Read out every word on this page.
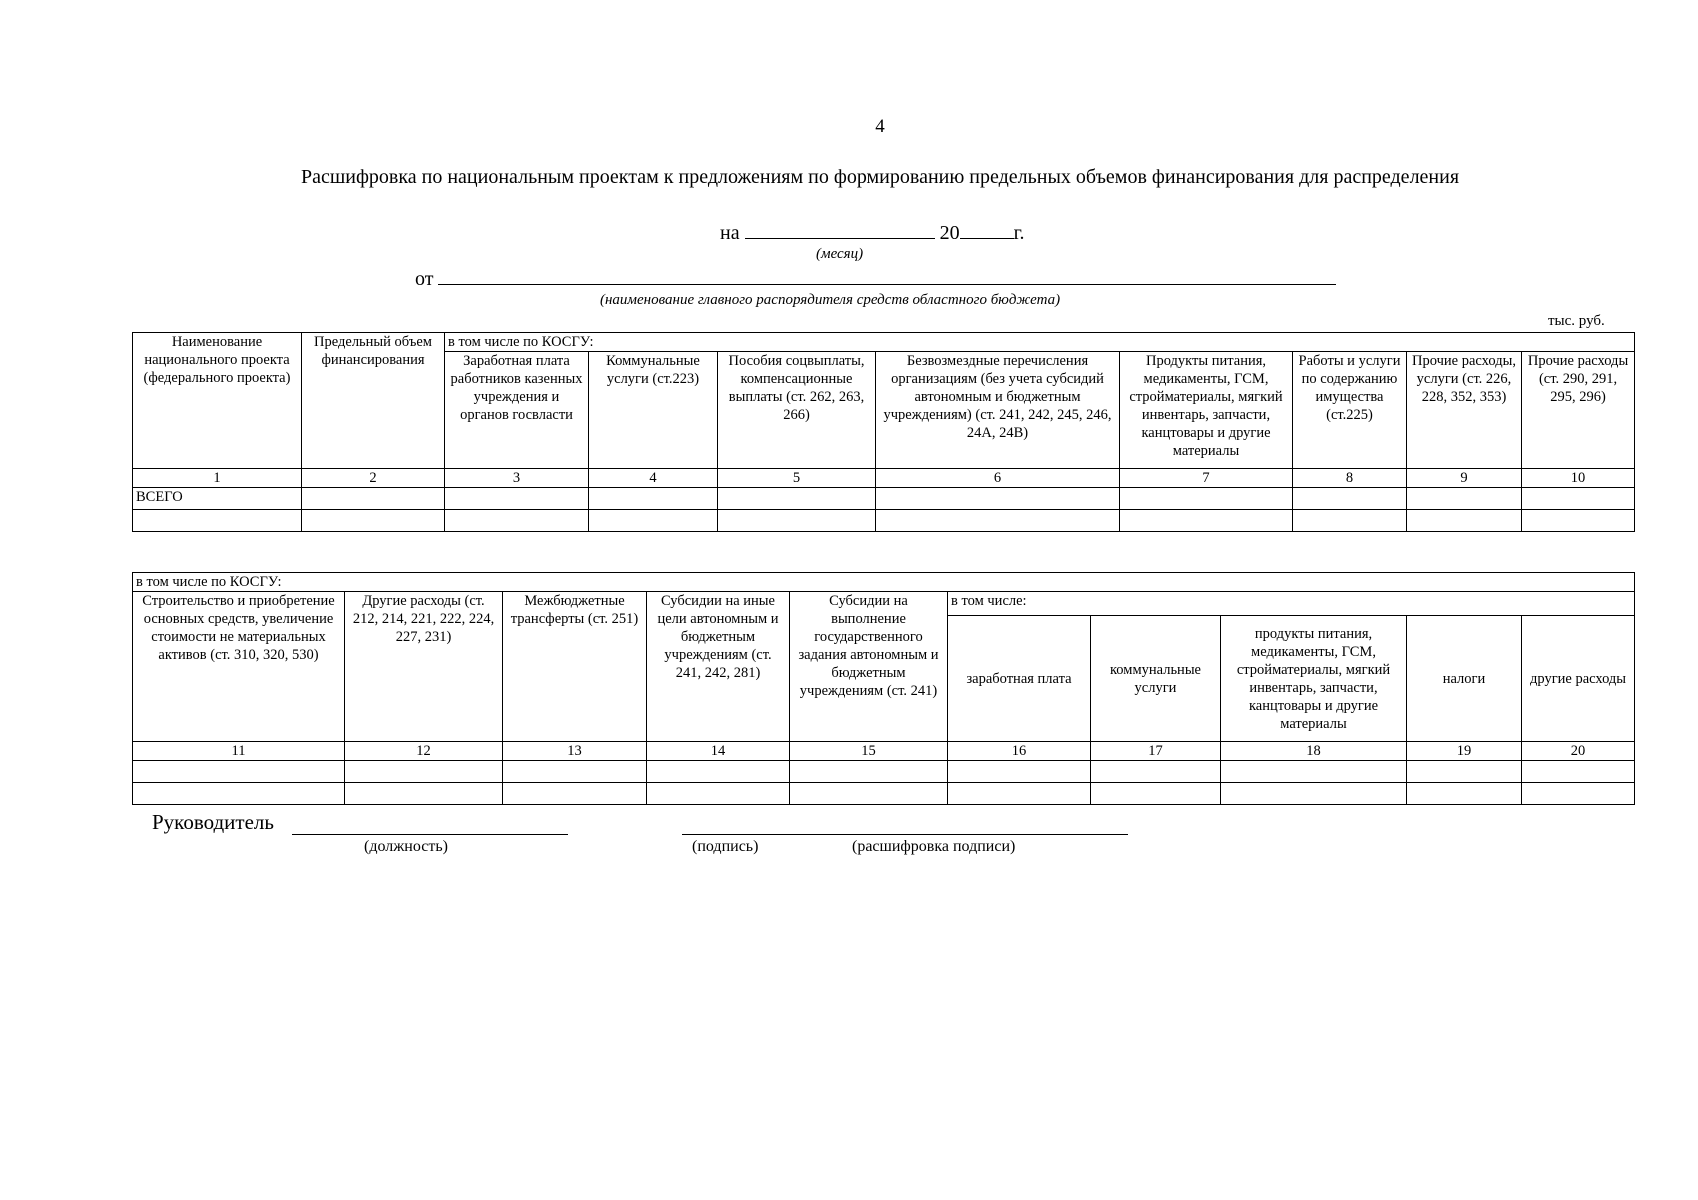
4
Расшифровка по национальным проектам к предложениям по формированию предельных объемов финансирования для распределения
на	20	г.
(месяц)
от
(наименование главного распорядителя средств областного бюджета)
тыс. руб.
Наименование национального проекта (федерального проекта)	Предельный объем финансирования	в том числе по КОСГУ:								
		Заработная плата работников казенных учреждения и органов госвласти	Коммунальные услуги (ст.223)	Пособия соцвыплаты, компенсационные выплаты (ст. 262, 263, 266)	Безвозмездные перечисления организациям (без учета субсидий автономным и бюджетным учреждениям) (ст. 241, 242, 245, 246, 24А, 24В)	Продукты питания, медикаменты, ГСМ, стройматериалы, мягкий инвентарь, запчасти, канцтовары и другие материалы	Работы и услуги по содержанию имущества (ст.225)	Прочие расходы, услуги (ст. 226, 228, 352, 353)	Прочие расходы (ст. 290, 291, 295, 296)	
1	2	3	4	5	6	7	8	9	10	
ВСЕГО										

в том числе по КОСГУ:									
Строительство и приобретение основных средств, увеличение стоимости не материальных активов (ст. 310, 320, 530)	Другие расходы (ст. 212, 214, 221, 222, 224, 227, 231)	Межбюджетные трансферты (ст. 251)	Субсидии на иные цели автономным и бюджетным учреждениям (ст. 241, 242, 281)	Субсидии на выполнение государственного задания автономным и бюджетным учреждениям (ст. 241)	в том числе:				
					заработная плата	коммунальные услуги	продукты питания, медикаменты, ГСМ, стройматериалы, мягкий инвентарь, запчасти, канцтовары и другие материалы	налоги	другие расходы
11	12	13	14	15	16	17	18	19	20

Руководитель
(должность)	(подпись)	(расшифровка подписи)
